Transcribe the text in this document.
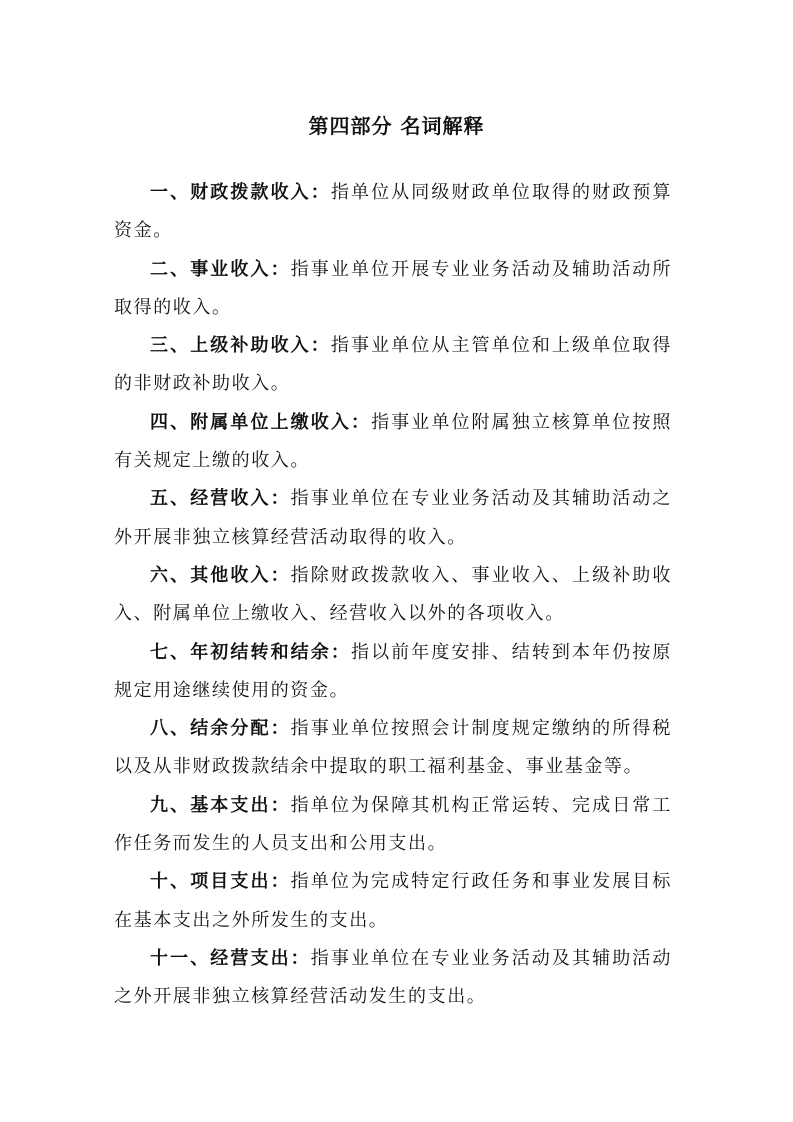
第四部分 名词解释

一、财政拨款收入：指单位从同级财政单位取得的财政预算资金。

二、事业收入：指事业单位开展专业业务活动及辅助活动所取得的收入。

三、上级补助收入：指事业单位从主管单位和上级单位取得的非财政补助收入。

四、附属单位上缴收入：指事业单位附属独立核算单位按照有关规定上缴的收入。

五、经营收入：指事业单位在专业业务活动及其辅助活动之外开展非独立核算经营活动取得的收入。

六、其他收入：指除财政拨款收入、事业收入、上级补助收入、附属单位上缴收入、经营收入以外的各项收入。

七、年初结转和结余：指以前年度安排、结转到本年仍按原规定用途继续使用的资金。

八、结余分配：指事业单位按照会计制度规定缴纳的所得税以及从非财政拨款结余中提取的职工福利基金、事业基金等。

九、基本支出：指单位为保障其机构正常运转、完成日常工作任务而发生的人员支出和公用支出。

十、项目支出：指单位为完成特定行政任务和事业发展目标在基本支出之外所发生的支出。

十一、经营支出：指事业单位在专业业务活动及其辅助活动之外开展非独立核算经营活动发生的支出。
